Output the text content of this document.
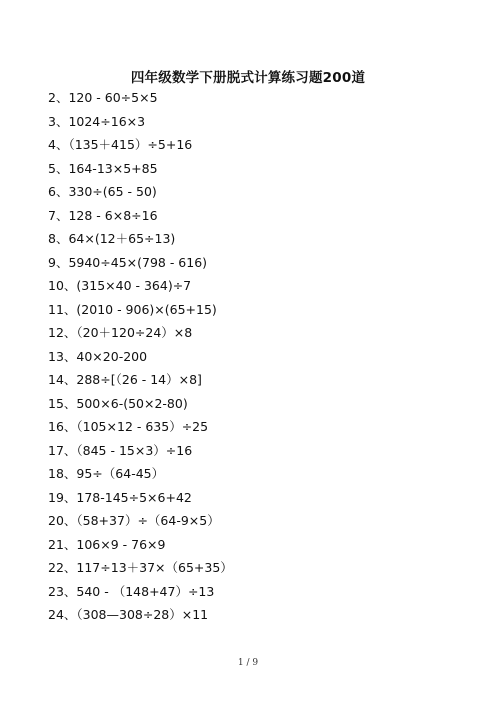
四年级数学下册脱式计算练习题200道
2、120 - 60÷5×5
3、1024÷16×3
4、（135＋415）÷5+16
5、164-13×5+85
6、330÷(65 - 50)
7、128 - 6×8÷16
8、64×(12＋65÷13)
9、5940÷45×(798 - 616)
10、(315×40 - 364)÷7
11、(2010 - 906)×(65+15)
12、（20＋120÷24）×8
13、40×20-200
14、288÷[（26 - 14）×8]
15、500×6-(50×2-80)
16、（105×12 - 635）÷25
17、（845 - 15×3）÷16
18、95÷（64-45）
19、178-145÷5×6+42
20、（58+37）÷（64-9×5）
21、106×9 - 76×9
22、117÷13＋37×（65+35）
23、540 - （148+47）÷13
24、（308—308÷28）×11
1 / 9
